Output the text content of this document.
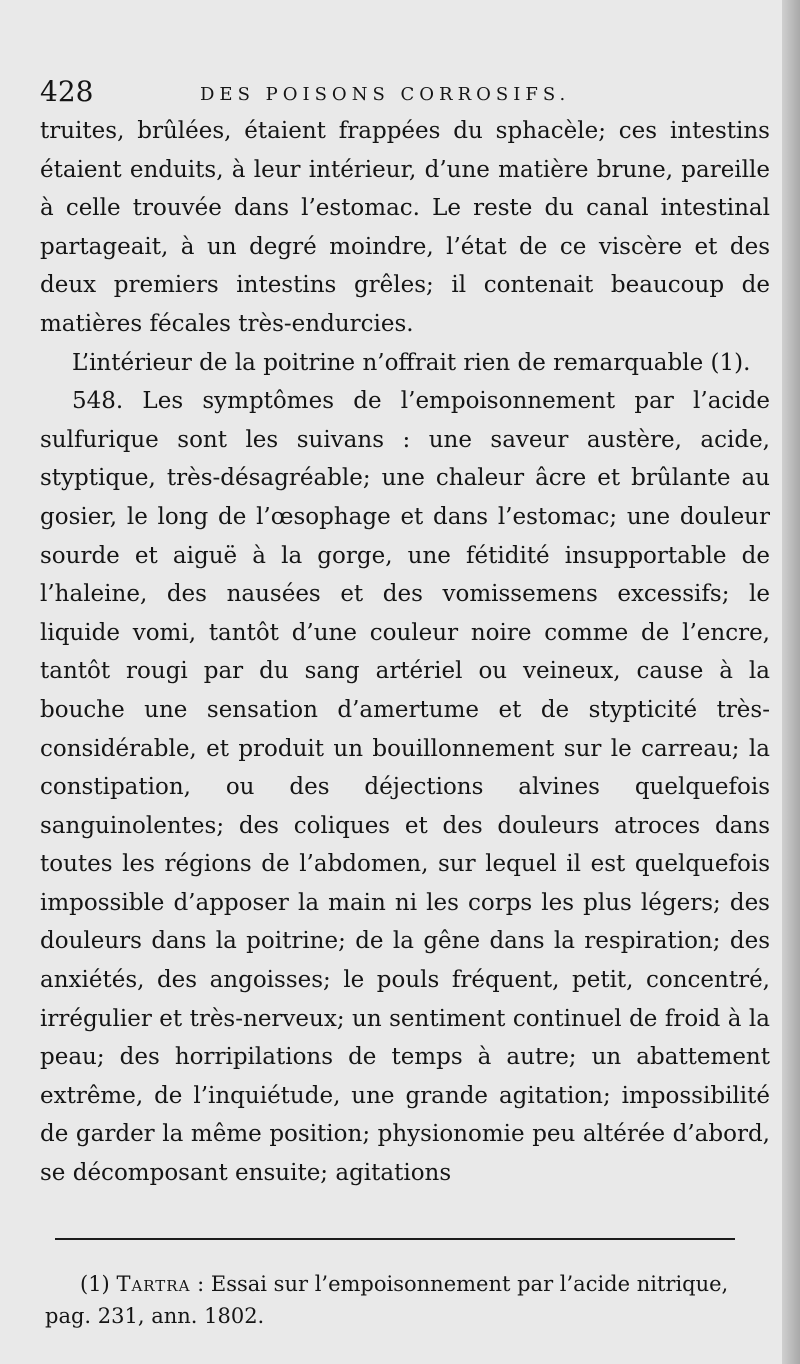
428	DES POISONS CORROSIFS.

truites, brûlées, étaient frappées du sphacèle; ces intestins étaient enduits, à leur intérieur, d’une matière brune, pareille à celle trouvée dans l’estomac. Le reste du canal intestinal partageait, à un degré moindre, l’état de ce viscère et des deux premiers intestins grêles; il contenait beaucoup de matières fécales très-endurcies.

L’intérieur de la poitrine n’offrait rien de remarquable (1).

548. Les symptômes de l’empoisonnement par l’acide sulfurique sont les suivans : une saveur austère, acide, styptique, très-désagréable; une chaleur âcre et brûlante au gosier, le long de l’œsophage et dans l’estomac; une douleur sourde et aiguë à la gorge, une fétidité insupportable de l’haleine, des nausées et des vomissemens excessifs; le liquide vomi, tantôt d’une couleur noire comme de l’encre, tantôt rougi par du sang artériel ou veineux, cause à la bouche une sensation d’amertume et de stypticité très-considérable, et produit un bouillonnement sur le carreau; la constipation, ou des déjections alvines quelquefois sanguinolentes; des coliques et des douleurs atroces dans toutes les régions de l’abdomen, sur lequel il est quelquefois impossible d’apposer la main ni les corps les plus légers; des douleurs dans la poitrine; de la gêne dans la respiration; des anxiétés, des angoisses; le pouls fréquent, petit, concentré, irrégulier et très-nerveux; un sentiment continuel de froid à la peau; des horripilations de temps à autre; un abattement extrême, de l’inquiétude, une grande agitation; impossibilité de garder la même position; physionomie peu altérée d’abord, se décomposant ensuite; agitations

(1) Tartra : Essai sur l’empoisonnement par l’acide nitrique, pag. 231, ann. 1802.
